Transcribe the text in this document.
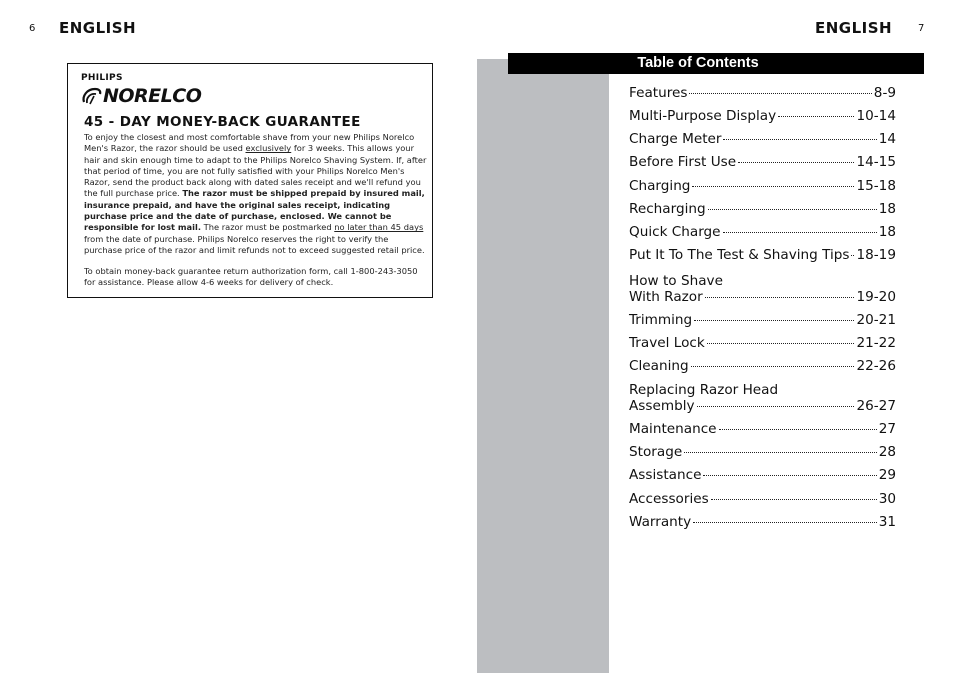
6 ENGLISH	ENGLISH	7
PHILIPS
NORELCO
45 - DAY MONEY-BACK GUARANTEE
To enjoy the closest and most comfortable shave from your new Philips Norelco Men's Razor, the razor should be used exclusively for 3 weeks. This allows your hair and skin enough time to adapt to the Philips Norelco Shaving System. If, after that period of time, you are not fully satisfied with your Philips Norelco Men's Razor, send the product back along with dated sales receipt and we'll refund you the full purchase price. The razor must be shipped prepaid by insured mail, insurance prepaid, and have the original sales receipt, indicating purchase price and the date of purchase, enclosed. We cannot be responsible for lost mail. The razor must be postmarked no later than 45 days from the date of purchase. Philips Norelco reserves the right to verify the purchase price of the razor and limit refunds not to exceed suggested retail price.
To obtain money-back guarantee return authorization form, call 1-800-243-3050 for assistance. Please allow 4-6 weeks for delivery of check.
Table of Contents
Features	8-9
Multi-Purpose Display	10-14
Charge Meter	14
Before First Use	14-15
Charging	15-18
Recharging	18
Quick Charge	18
Put It To The Test & Shaving Tips 18-19
How to Shave
With Razor	19-20
Trimming	20-21
Travel Lock	21-22
Cleaning	22-26
Replacing Razor Head
Assembly	26-27
Maintenance	27
Storage	28
Assistance	29
Accessories	30
Warranty	31
